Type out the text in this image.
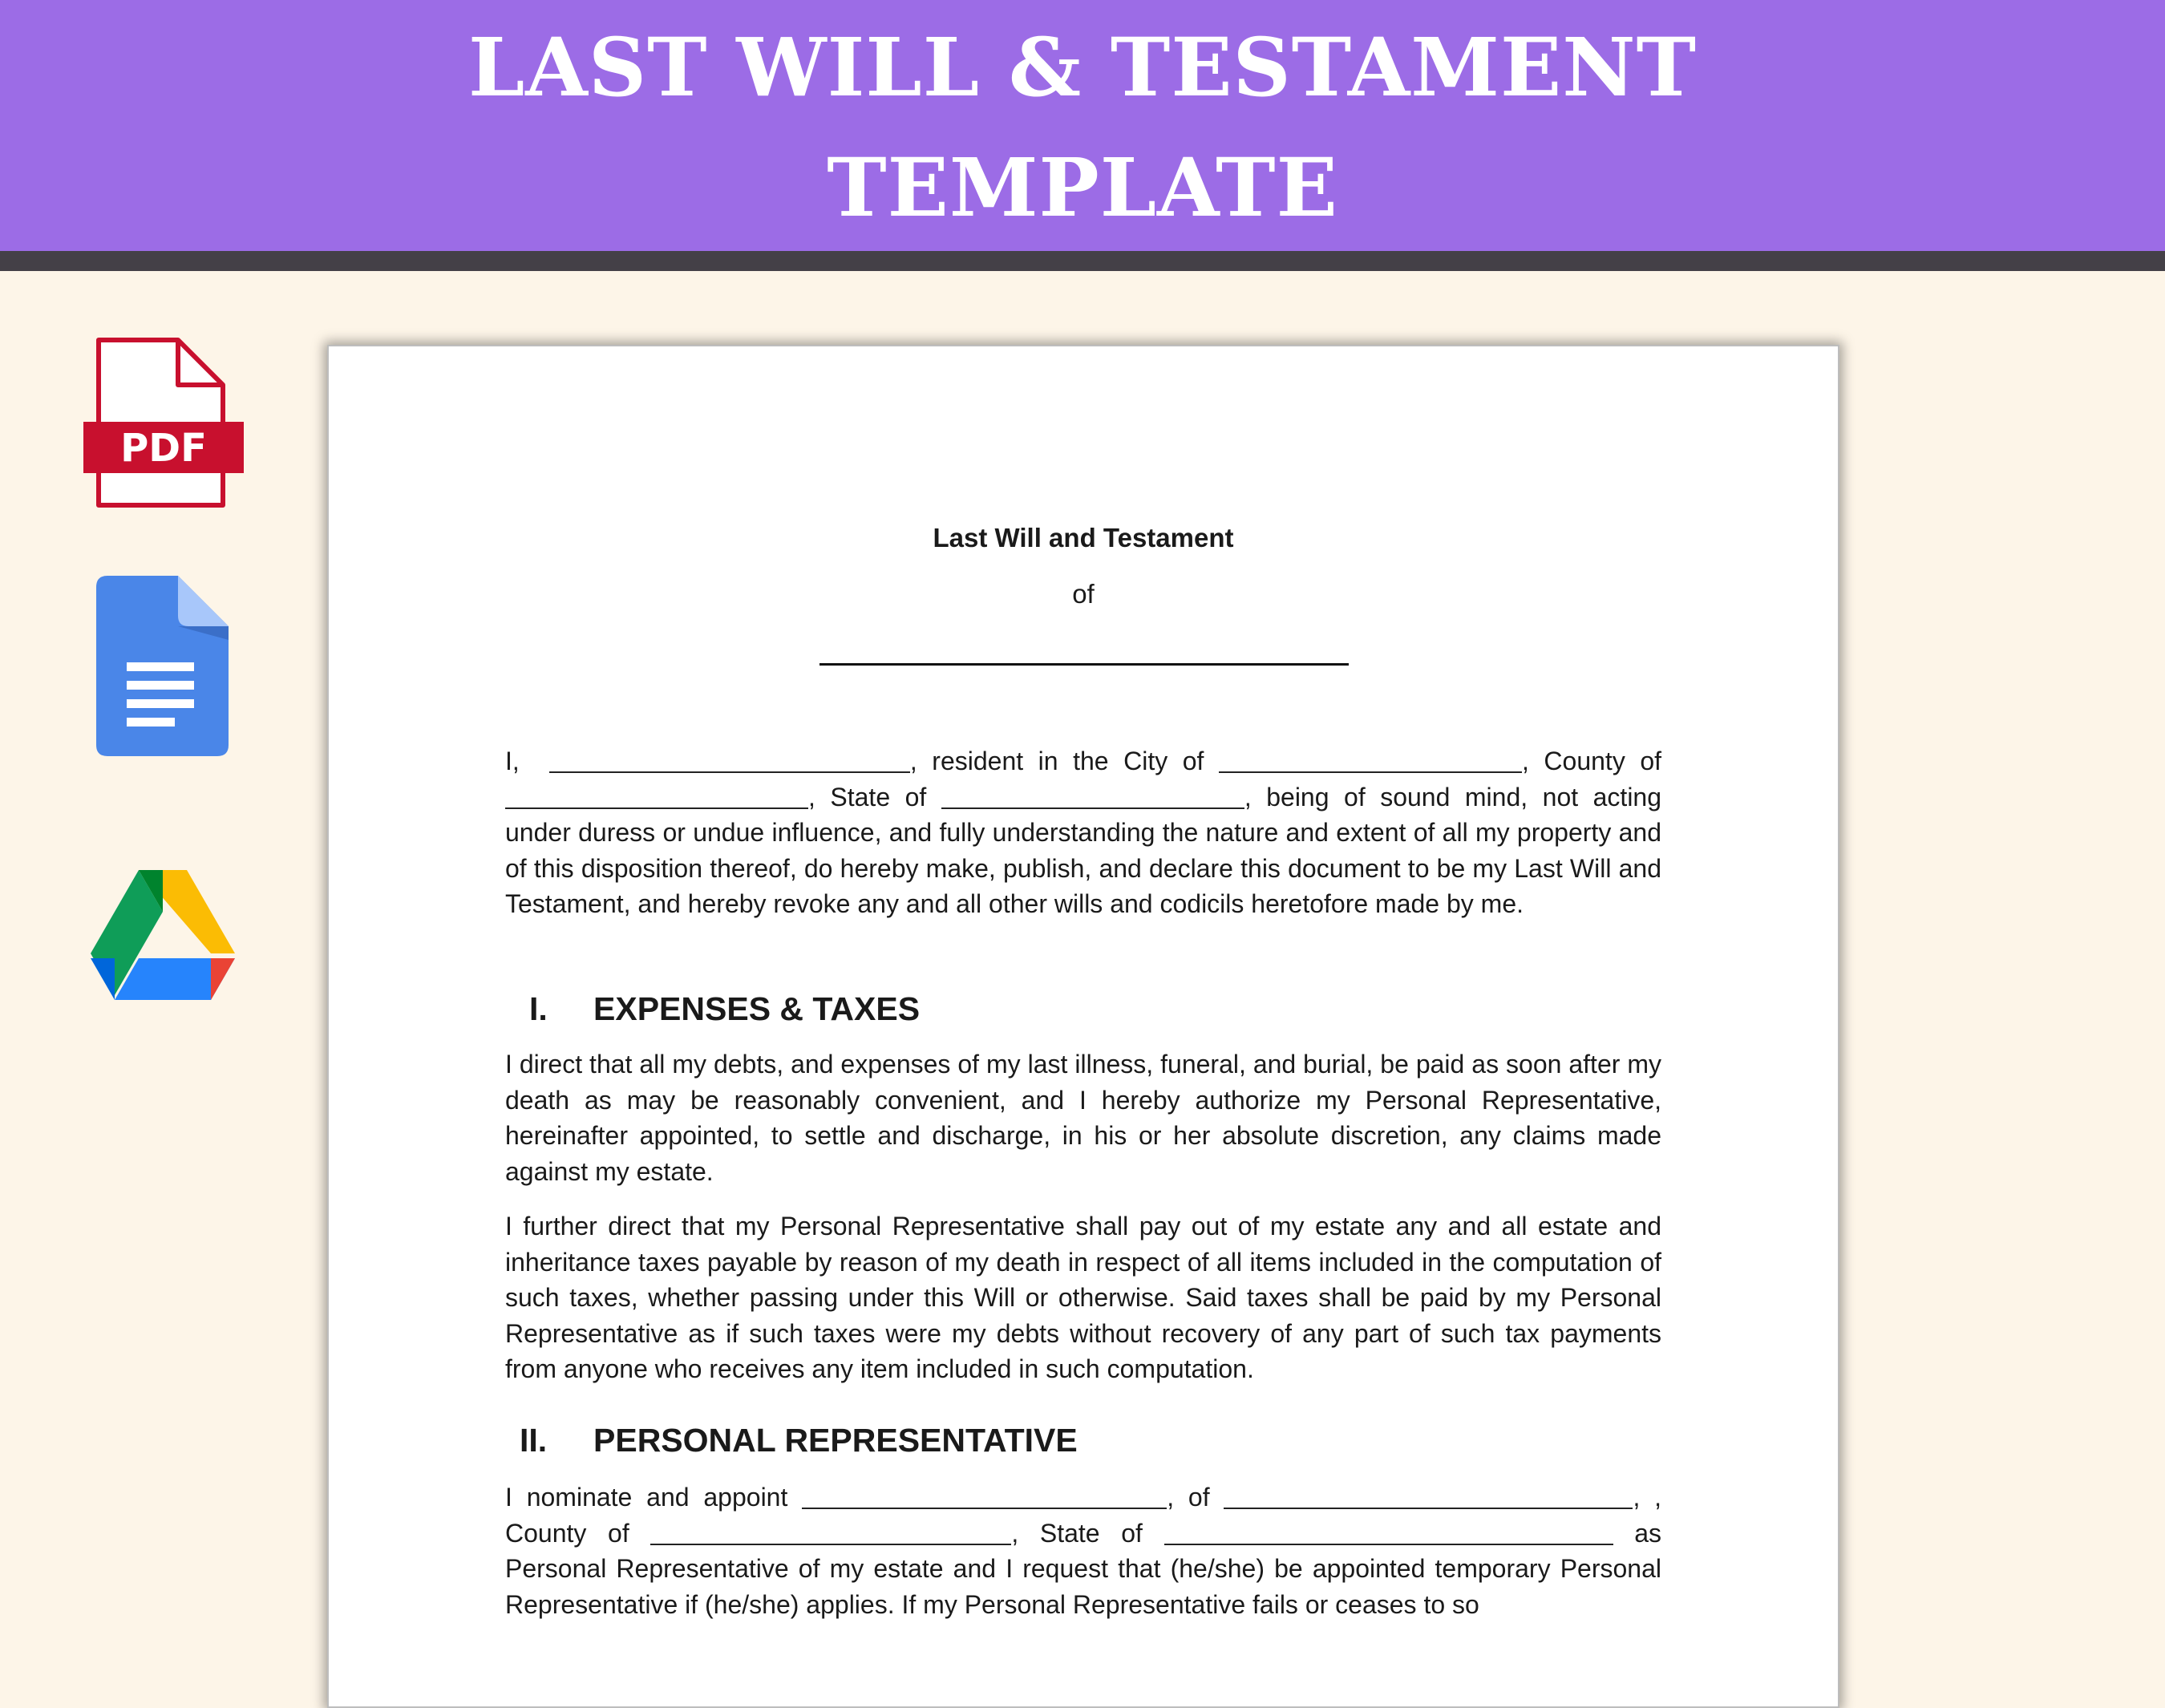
LAST WILL & TESTAMENT
TEMPLATE
PDF
Last Will and Testament
of

I,	, resident in the City of	, County of , State of	, being of sound mind, not acting under duress or undue influence, and fully understanding the nature and extent of all my property and of this disposition thereof, do hereby make, publish, and declare this document to be my Last Will and Testament, and hereby revoke any and all other wills and codicils heretofore made by me.

I. EXPENSES & TAXES

I direct that all my debts, and expenses of my last illness, funeral, and burial, be paid as soon after my death as may be reasonably convenient, and I hereby authorize my Personal Representative, hereinafter appointed, to settle and discharge, in his or her absolute discretion, any claims made against my estate.

I further direct that my Personal Representative shall pay out of my estate any and all estate and inheritance taxes payable by reason of my death in respect of all items included in the computation of such taxes, whether passing under this Will or otherwise. Said taxes shall be paid by my Personal Representative as if such taxes were my debts without recovery of any part of such tax payments from anyone who receives any item included in such computation.

II. PERSONAL REPRESENTATIVE

I nominate and appoint	, of	, , County of	, State of	as Personal Representative of my estate and I request that (he/she) be appointed temporary Personal Representative if (he/she) applies. If my Personal Representative fails or ceases to so
